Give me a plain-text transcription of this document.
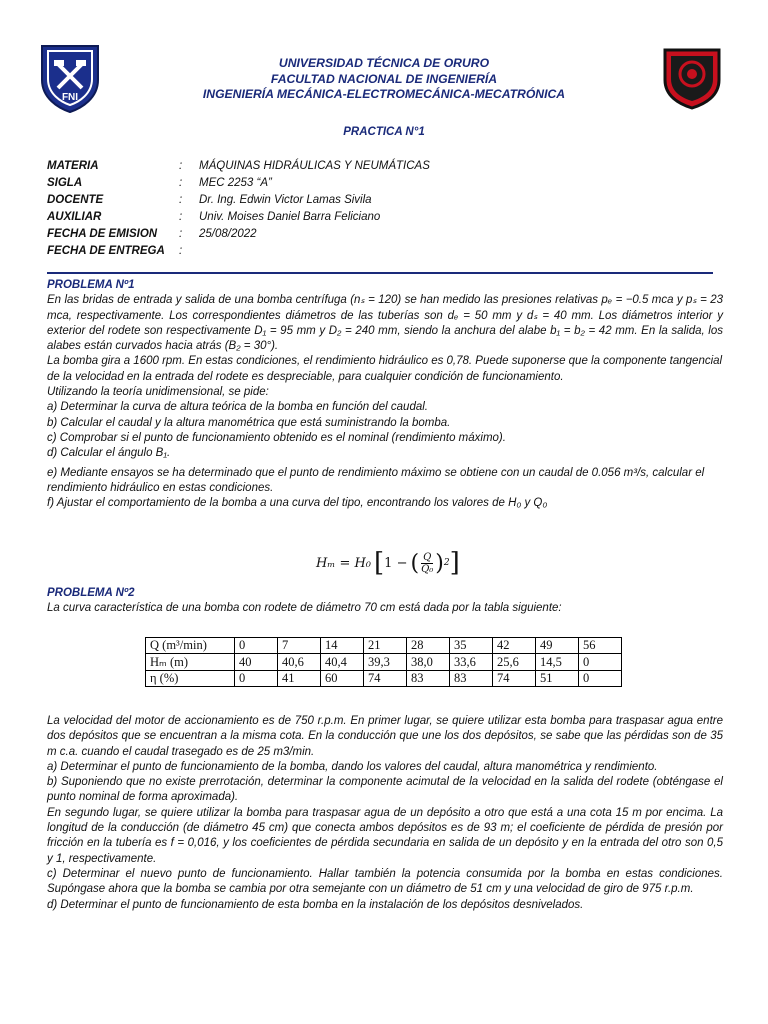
FNI
UNIVERSIDAD TÉCNICA DE ORURO
FACULTAD NACIONAL DE INGENIERÍA
INGENIERÍA MECÁNICA-ELECTROMECÁNICA-MECATRÓNICA
PRACTICA N°1
MATERIA	:	MÁQUINAS HIDRÁULICAS Y NEUMÁTICAS
SIGLA	:	MEC 2253 “A”
DOCENTE	:	Dr. Ing. Edwin Victor Lamas Sivila
AUXILIAR	:	Univ. Moises Daniel Barra Feliciano
FECHA DE EMISION	:	25/08/2022
FECHA DE ENTREGA	:
PROBLEMA Nº1
En las bridas de entrada y salida de una bomba centrífuga (nₛ = 120) se han medido las presiones relativas pₑ = −0.5 mca y pₛ = 23 mca, respectivamente. Los correspondientes diámetros de las tuberías son dₑ = 50 mm y dₛ = 40 mm. Los diámetros interior y exterior del rodete son respectivamente D₁ = 95 mm y D₂ = 240 mm, siendo la anchura del alabe b₁ = b₂ = 42 mm. En la salida, los alabes están curvados hacia atrás (B₂ = 30°).
La bomba gira a 1600 rpm. En estas condiciones, el rendimiento hidráulico es 0,78. Puede suponerse que la componente tangencial de la velocidad en la entrada del rodete es despreciable, para cualquier condición de funcionamiento.
Utilizando la teoría unidimensional, se pide:
a) Determinar la curva de altura teórica de la bomba en función del caudal.
b) Calcular el caudal y la altura manométrica que está suministrando la bomba.
c) Comprobar si el punto de funcionamiento obtenido es el nominal (rendimiento máximo).
d) Calcular el ángulo B₁.
e) Mediante ensayos se ha determinado que el punto de rendimiento máximo se obtiene con un caudal de 0.056 m³/s, calcular el rendimiento hidráulico en estas condiciones.
f) Ajustar el comportamiento de la bomba a una curva del tipo, encontrando los valores de H₀ y Q₀
Hₘ = H₀ [ 1 − ( $\frac{Q}{\text{Q₀}}$ ) 2 ]
PROBLEMA Nº2
La curva característica de una bomba con rodete de diámetro 70 cm está dada por la tabla siguiente:
Q (m³/min)	0	7	14	21	28	35	42	49	56
Hₘ (m)	40	40,6	40,4	39,3	38,0	33,6	25,6	14,5	0
η (%)	0	41	60	74	83	83	74	51	0
La velocidad del motor de accionamiento es de 750 r.p.m. En primer lugar, se quiere utilizar esta bomba para traspasar agua entre dos depósitos que se encuentran a la misma cota. En la conducción que une los dos depósitos, se sabe que las pérdidas son de 35 m c.a. cuando el caudal trasegado es de 25 m3/min.
a) Determinar el punto de funcionamiento de la bomba, dando los valores del caudal, altura manométrica y rendimiento.
b) Suponiendo que no existe prerrotación, determinar la componente acimutal de la velocidad en la salida del rodete (obténgase el punto nominal de forma aproximada).
En segundo lugar, se quiere utilizar la bomba para traspasar agua de un depósito a otro que está a una cota 15 m por encima. La longitud de la conducción (de diámetro 45 cm) que conecta ambos depósitos es de 93 m; el coeficiente de pérdida de presión por fricción en la tubería es f = 0,016, y los coeficientes de pérdida secundaria en salida de un depósito y en la entrada del otro son 0,5 y 1, respectivamente.
c) Determinar el nuevo punto de funcionamiento. Hallar también la potencia consumida por la bomba en estas condiciones. Supóngase ahora que la bomba se cambia por otra semejante con un diámetro de 51 cm y una velocidad de giro de 975 r.p.m.
d) Determinar el punto de funcionamiento de esta bomba en la instalación de los depósitos desnivelados.
